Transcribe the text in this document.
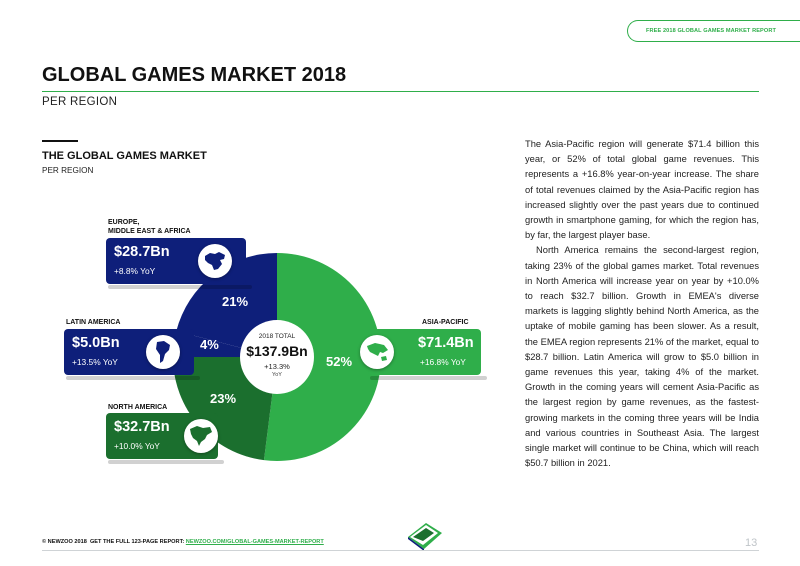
FREE 2018 GLOBAL GAMES MARKET REPORT
GLOBAL GAMES MARKET 2018
PER REGION
THE GLOBAL GAMES MARKET
PER REGION
EUROPE,
MIDDLE EAST & AFRICA
LATIN AMERICA
NORTH AMERICA
ASIA-PACIFIC
$28.7Bn
+8.8% YoY
$5.0Bn
+13.5% YoY
$32.7Bn
+10.0% YoY
$71.4Bn
+16.8% YoY
21%
4%
23%
52%
2018 TOTAL
$137.9Bn
+13.3%
YoY

The Asia-Pacific region will generate $71.4 billion this year, or 52% of total global game revenues. This represents a +16.8% year-on-year increase. The share of total revenues claimed by the Asia-Pacific region has increased slightly over the past years due to continued growth in smartphone gaming, for which the region has, by far, the largest player base.

North America remains the second-largest region, taking 23% of the global games market. Total revenues in North America will increase year on year by +10.0% to reach $32.7 billion. Growth in EMEA's diverse markets is lagging slightly behind North America, as the uptake of mobile gaming has been slower. As a result, the EMEA region represents 21% of the market, equal to $28.7 billion. Latin America will grow to $5.0 billion in game revenues this year, taking 4% of the market. Growth in the coming years will cement Asia-Pacific as the largest region by game revenues, as the fastest-growing markets in the coming three years will be India and various countries in Southeast Asia. The largest single market will continue to be China, which will reach $50.7 billion in 2021.

© NEWZOO 2018 GET THE FULL 123-PAGE REPORT: NEWZOO.COM/GLOBAL-GAMES-MARKET-REPORT	13
